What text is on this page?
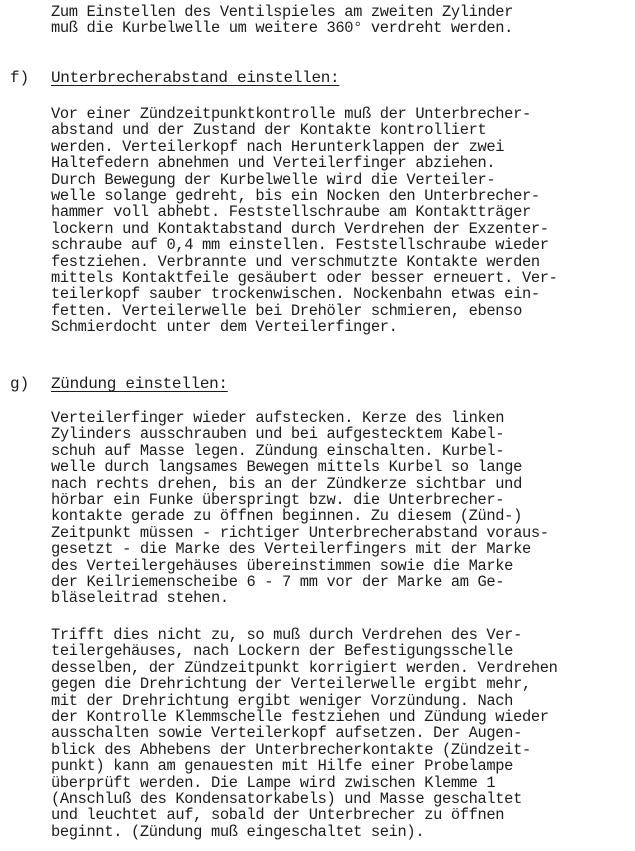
Zum Einstellen des Ventilspieles am zweiten Zylinder
muß die Kurbelwelle um weitere 360° verdreht werden.
f) Unterbrecherabstand einstellen:
Vor einer Zündzeitpunktkontrolle muß der Unterbrecher-
abstand und der Zustand der Kontakte kontrolliert
werden. Verteilerkopf nach Herunterklappen der zwei
Haltefedern abnehmen und Verteilerfinger abziehen.
Durch Bewegung der Kurbelwelle wird die Verteiler-
welle solange gedreht, bis ein Nocken den Unterbrecher-
hammer voll abhebt. Feststellschraube am Kontaktträger
lockern und Kontaktabstand durch Verdrehen der Exzenter-
schraube auf 0,4 mm einstellen. Feststellschraube wieder
festziehen. Verbrannte und verschmutzte Kontakte werden
mittels Kontaktfeile gesäubert oder besser erneuert. Ver-
teilerkopf sauber trockenwischen. Nockenbahn etwas ein-
fetten. Verteilerwelle bei Drehöler schmieren, ebenso
Schmierdocht unter dem Verteilerfinger.
g) Zündung einstellen:
Verteilerfinger wieder aufstecken. Kerze des linken
Zylinders ausschrauben und bei aufgestecktem Kabel-
schuh auf Masse legen. Zündung einschalten. Kurbel-
welle durch langsames Bewegen mittels Kurbel so lange
nach rechts drehen, bis an der Zündkerze sichtbar und
hörbar ein Funke überspringt bzw. die Unterbrecher-
kontakte gerade zu öffnen beginnen. Zu diesem (Zünd-)
Zeitpunkt müssen - richtiger Unterbrecherabstand voraus-
gesetzt - die Marke des Verteilerfingers mit der Marke
des Verteilergehäuses übereinstimmen sowie die Marke
der Keilriemenscheibe 6 - 7 mm vor der Marke am Ge-
bläseleitrad stehen.
Trifft dies nicht zu, so muß durch Verdrehen des Ver-
teilergehäuses, nach Lockern der Befestigungsschelle
desselben, der Zündzeitpunkt korrigiert werden. Verdrehen
gegen die Drehrichtung der Verteilerwelle ergibt mehr,
mit der Drehrichtung ergibt weniger Vorzündung. Nach
der Kontrolle Klemmschelle festziehen und Zündung wieder
ausschalten sowie Verteilerkopf aufsetzen. Der Augen-
blick des Abhebens der Unterbrecherkontakte (Zündzeit-
punkt) kann am genauesten mit Hilfe einer Probelampe
überprüft werden. Die Lampe wird zwischen Klemme 1
(Anschluß des Kondensatorkabels) und Masse geschaltet
und leuchtet auf, sobald der Unterbrecher zu öffnen
beginnt. (Zündung muß eingeschaltet sein).
